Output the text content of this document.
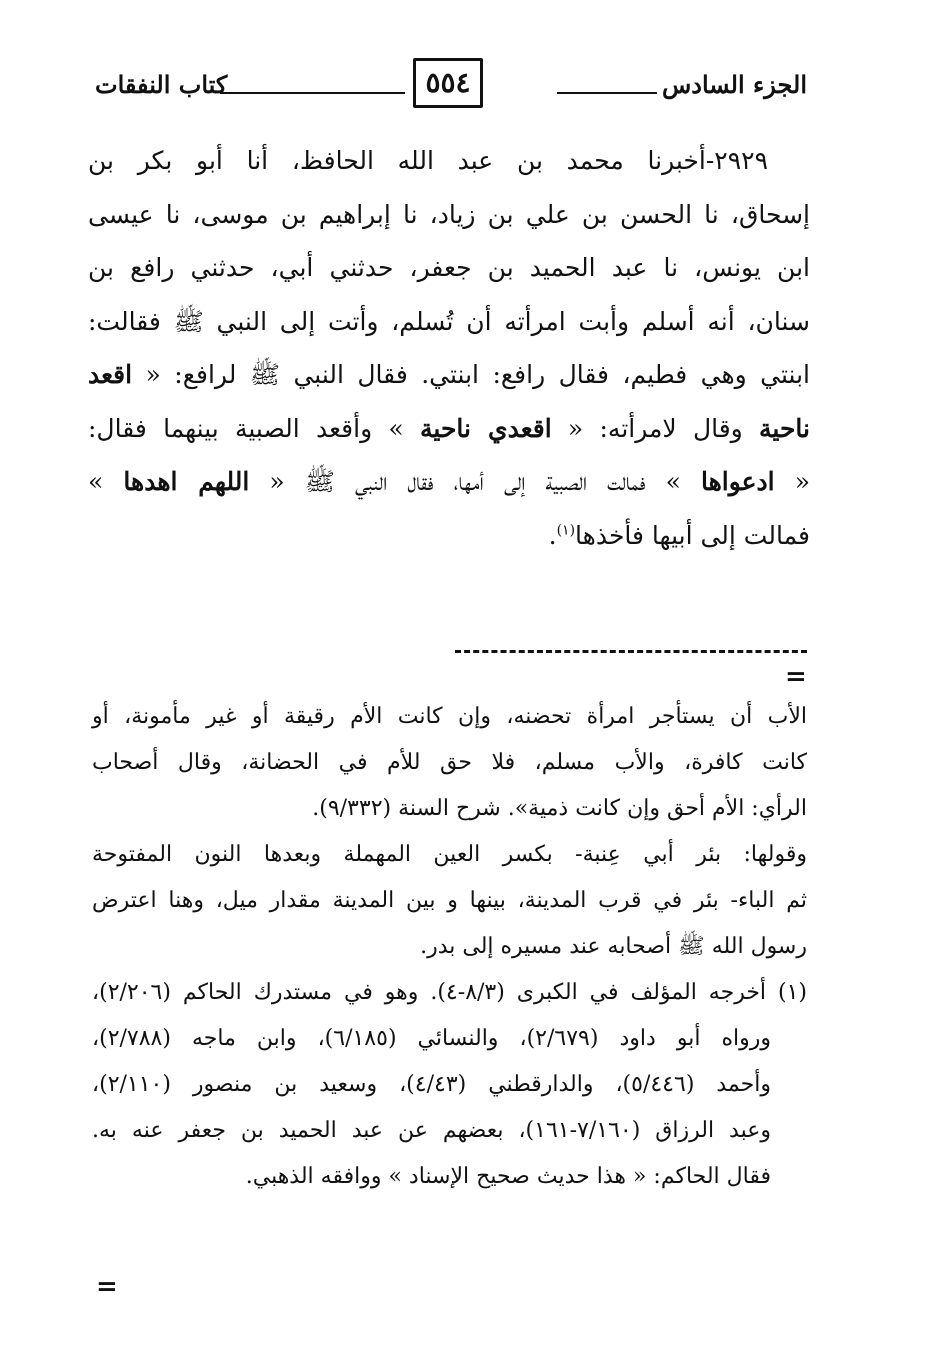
الجزء السادس
٥٥٤
كتاب النفقات
٢٩٢٩-أخبرنا محمد بن عبد الله الحافظ، أنا أبو بكر بن
إسحاق، نا الحسن بن علي بن زياد، نا إبراهيم بن موسى، نا عيسى
ابن يونس، نا عبد الحميد بن جعفر، حدثني أبي، حدثني رافع بن
سنان، أنه أسلم وأبت امرأته أن تُسلم، وأتت إلى النبي ﷺ فقالت:
ابنتي وهي فطيم، فقال رافع: ابنتي. فقال النبي ﷺ لرافع: « اقعد
ناحية وقال لامرأته: « اقعدي ناحية » وأقعد الصبية بينهما فقال:
« ادعواها » فمالت الصبية إلى أمها، فقال النبي ﷺ « اللهم اهدها »
فمالت إلى أبيها فأخذها$^{(١)}$.
=
الأب أن يستأجر امرأة تحضنه، وإن كانت الأم رقيقة أو غير مأمونة، أو
كانت كافرة، والأب مسلم، فلا حق للأم في الحضانة، وقال أصحاب
الرأي: الأم أحق وإن كانت ذمية». شرح السنة (٩/٣٣٢).
وقولها: بئر أبي عِنبة- بكسر العين المهملة وبعدها النون المفتوحة
ثم الباء- بئر في قرب المدينة، بينها و بين المدينة مقدار ميل، وهنا اعترض
رسول الله ﷺ أصحابه عند مسيره إلى بدر.
(١) أخرجه المؤلف في الكبرى (٨/٣-٤). وهو في مستدرك الحاكم (٢/٢٠٦)،
ورواه أبو داود (٢/٦٧٩)، والنسائي (٦/١٨٥)، وابن ماجه (٢/٧٨٨)،
وأحمد (٥/٤٤٦)، والدارقطني (٤/٤٣)، وسعيد بن منصور (٢/١١٠)،
وعبد الرزاق (٧/١٦٠-١٦١)، بعضهم عن عبد الحميد بن جعفر عنه به.
فقال الحاكم: « هذا حديث صحيح الإسناد » ووافقه الذهبي.
=
